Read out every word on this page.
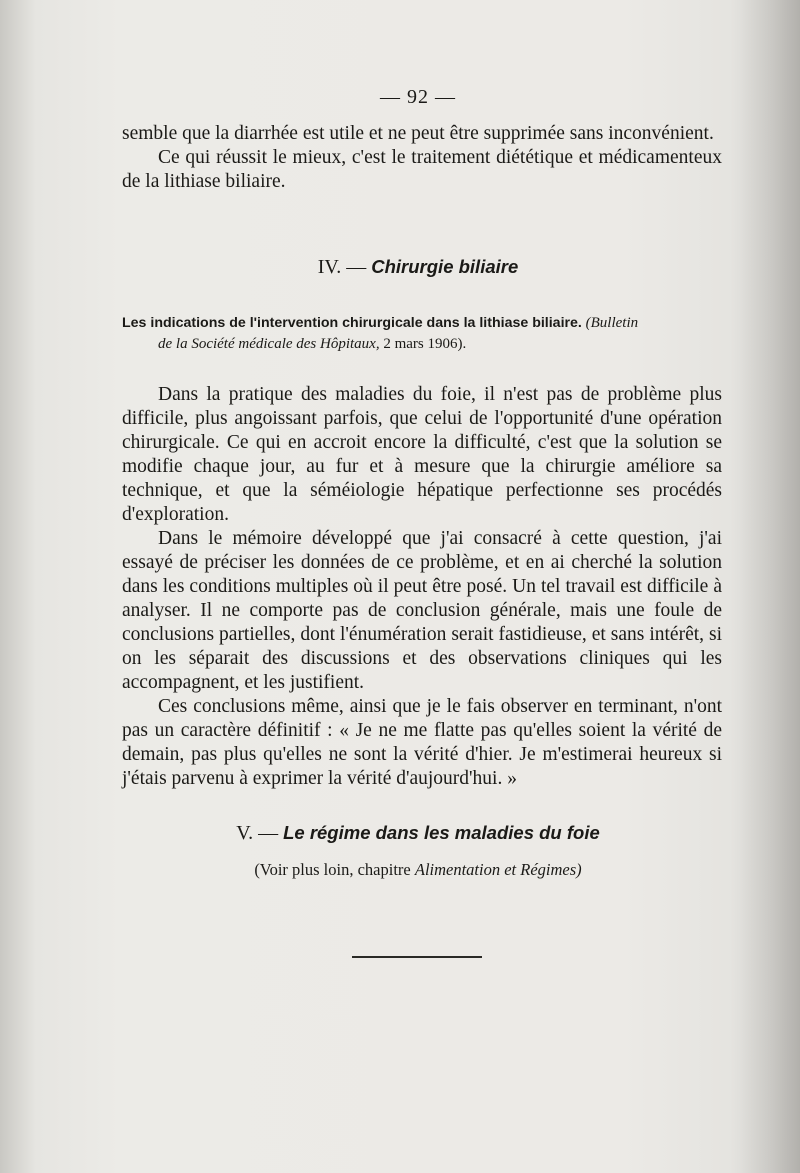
— 92 —

semble que la diarrhée est utile et ne peut être supprimée sans inconvénient.

Ce qui réussit le mieux, c'est le traitement diététique et médicamenteux de la lithiase biliaire.

IV. — Chirurgie biliaire
Les indications de l'intervention chirurgicale dans la lithiase biliaire. (Bulletin
de la Société médicale des Hôpitaux, 2 mars 1906).

Dans la pratique des maladies du foie, il n'est pas de problème plus difficile, plus angoissant parfois, que celui de l'opportunité d'une opération chirurgicale. Ce qui en accroit encore la difficulté, c'est que la solution se modifie chaque jour, au fur et à mesure que la chirurgie améliore sa technique, et que la séméiologie hépatique perfectionne ses procédés d'exploration.

Dans le mémoire développé que j'ai consacré à cette question, j'ai essayé de préciser les données de ce problème, et en ai cherché la solution dans les conditions multiples où il peut être posé. Un tel travail est difficile à analyser. Il ne comporte pas de conclusion générale, mais une foule de conclusions partielles, dont l'énumération serait fastidieuse, et sans intérêt, si on les séparait des discussions et des observations cliniques qui les accompagnent, et les justifient.

Ces conclusions même, ainsi que je le fais observer en terminant, n'ont pas un caractère définitif : « Je ne me flatte pas qu'elles soient la vérité de demain, pas plus qu'elles ne sont la vérité d'hier. Je m'estimerai heureux si j'étais parvenu à exprimer la vérité d'aujourd'hui. »

V. — Le régime dans les maladies du foie
(Voir plus loin, chapitre Alimentation et Régimes)
